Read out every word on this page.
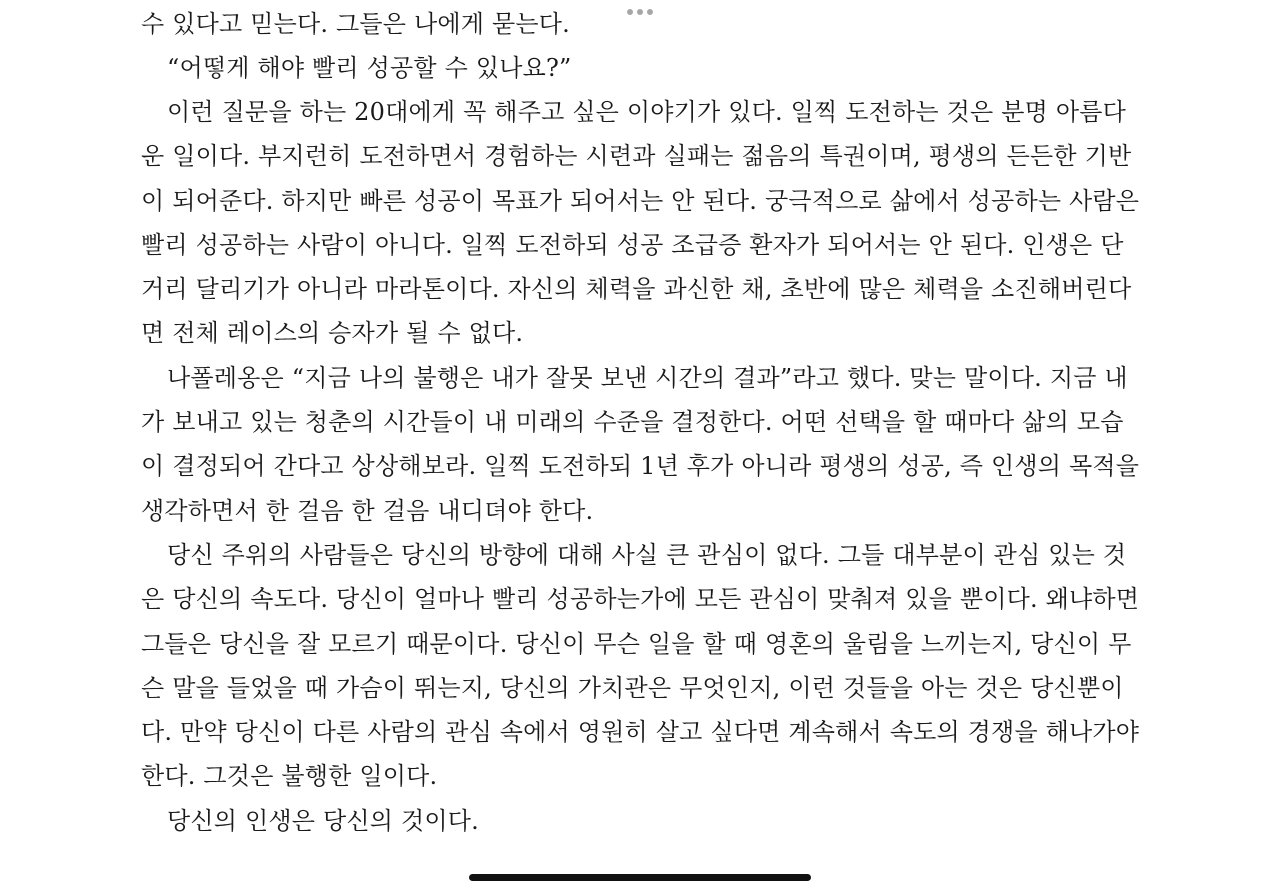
수 있다고 믿는다. 그들은 나에게 묻는다.
“어떻게 해야 빨리 성공할 수 있나요?”
이런 질문을 하는 20대에게 꼭 해주고 싶은 이야기가 있다. 일찍 도전하는 것은 분명 아름다
운 일이다. 부지런히 도전하면서 경험하는 시련과 실패는 젊음의 특권이며, 평생의 든든한 기반
이 되어준다. 하지만 빠른 성공이 목표가 되어서는 안 된다. 궁극적으로 삶에서 성공하는 사람은
빨리 성공하는 사람이 아니다. 일찍 도전하되 성공 조급증 환자가 되어서는 안 된다. 인생은 단
거리 달리기가 아니라 마라톤이다. 자신의 체력을 과신한 채, 초반에 많은 체력을 소진해버린다
면 전체 레이스의 승자가 될 수 없다.
나폴레옹은 “지금 나의 불행은 내가 잘못 보낸 시간의 결과”라고 했다. 맞는 말이다. 지금 내
가 보내고 있는 청춘의 시간들이 내 미래의 수준을 결정한다. 어떤 선택을 할 때마다 삶의 모습
이 결정되어 간다고 상상해보라. 일찍 도전하되 1년 후가 아니라 평생의 성공, 즉 인생의 목적을
생각하면서 한 걸음 한 걸음 내디뎌야 한다.
당신 주위의 사람들은 당신의 방향에 대해 사실 큰 관심이 없다. 그들 대부분이 관심 있는 것
은 당신의 속도다. 당신이 얼마나 빨리 성공하는가에 모든 관심이 맞춰져 있을 뿐이다. 왜냐하면
그들은 당신을 잘 모르기 때문이다. 당신이 무슨 일을 할 때 영혼의 울림을 느끼는지, 당신이 무
슨 말을 들었을 때 가슴이 뛰는지, 당신의 가치관은 무엇인지, 이런 것들을 아는 것은 당신뿐이
다. 만약 당신이 다른 사람의 관심 속에서 영원히 살고 싶다면 계속해서 속도의 경쟁을 해나가야
한다. 그것은 불행한 일이다.
당신의 인생은 당신의 것이다.
